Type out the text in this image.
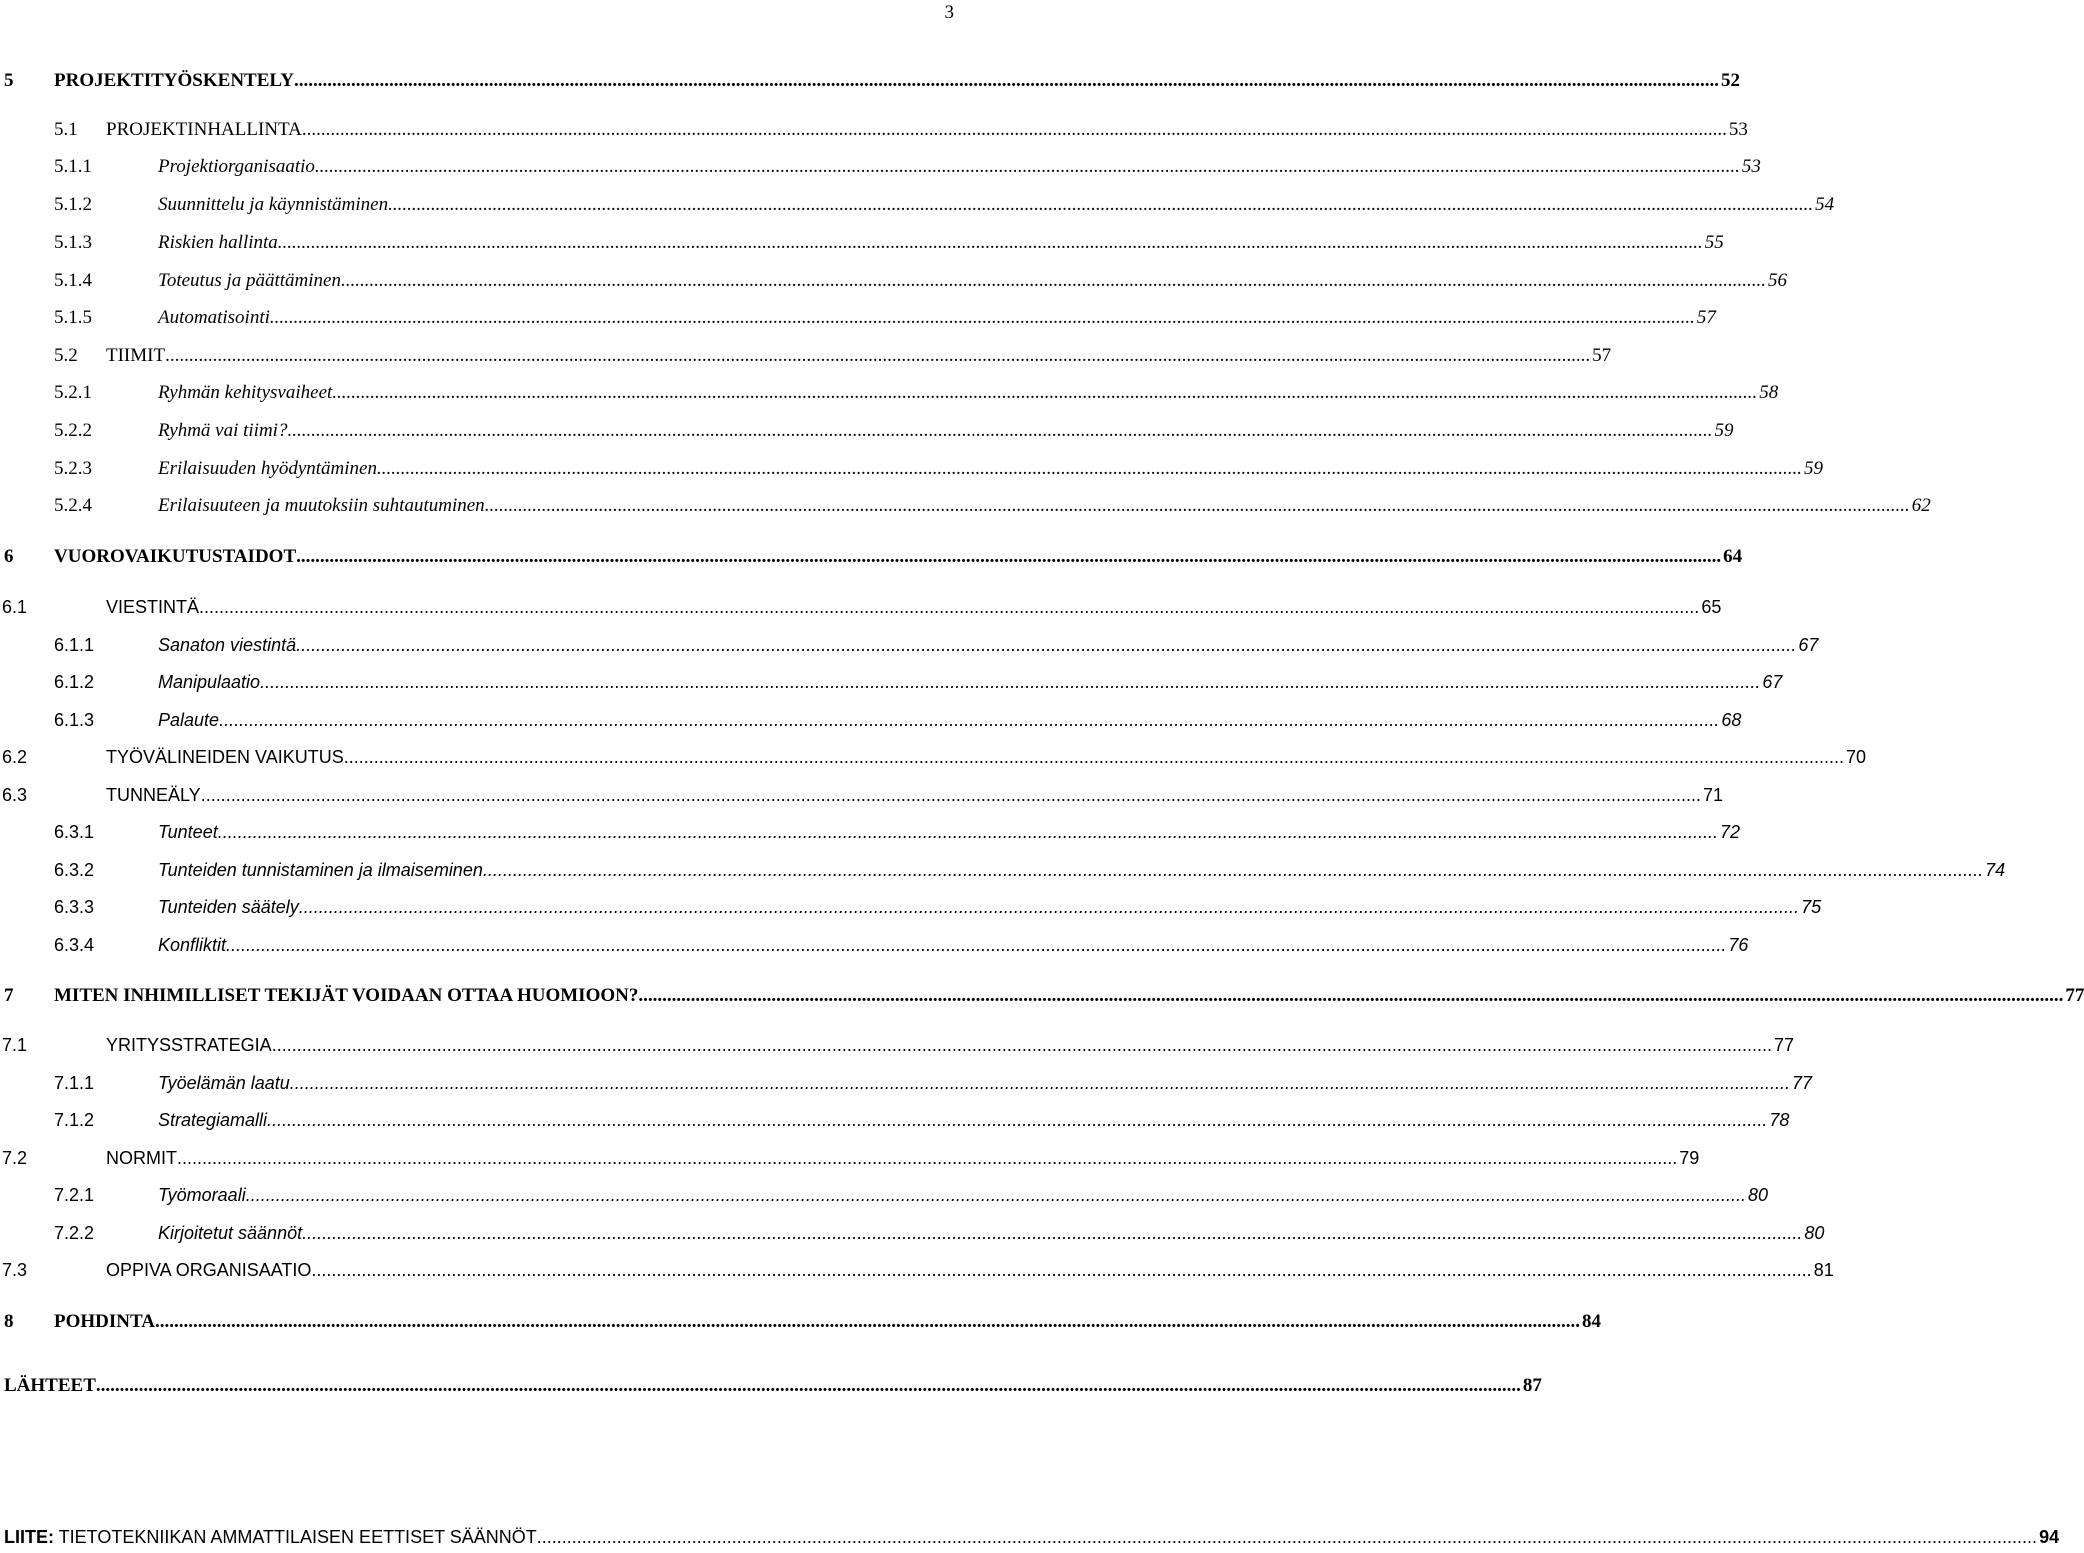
3
5 PROJEKTITYÖSKENTELY ............................................................................................................................................................................................................................................................................................................ 52
5.1 PROJEKTINHALLINTA ............................................................................................................................................................................................................................................................................................................ 53
5.1.1	Projektiorganisaatio ............................................................................................................................................................................................................................................................................................................ 53
5.1.2	Suunnittelu ja käynnistäminen ............................................................................................................................................................................................................................................................................................................ 54
5.1.3	Riskien hallinta ............................................................................................................................................................................................................................................................................................................ 55
5.1.4	Toteutus ja päättäminen ............................................................................................................................................................................................................................................................................................................ 56
5.1.5	Automatisointi ............................................................................................................................................................................................................................................................................................................ 57
5.2 TIIMIT ............................................................................................................................................................................................................................................................................................................ 57
5.2.1	Ryhmän kehitysvaiheet ............................................................................................................................................................................................................................................................................................................ 58
5.2.2	Ryhmä vai tiimi? ............................................................................................................................................................................................................................................................................................................ 59
5.2.3	Erilaisuuden hyödyntäminen ............................................................................................................................................................................................................................................................................................................ 59
5.2.4	Erilaisuuteen ja muutoksiin suhtautuminen ............................................................................................................................................................................................................................................................................................................ 62
6 VUOROVAIKUTUSTAIDOT ............................................................................................................................................................................................................................................................................................................ 64
6.1	VIESTINTÄ ............................................................................................................................................................................................................................................................................................................ 65
6.1.1	Sanaton viestintä ............................................................................................................................................................................................................................................................................................................ 67
6.1.2	Manipulaatio ............................................................................................................................................................................................................................................................................................................ 67
6.1.3	Palaute ............................................................................................................................................................................................................................................................................................................ 68
6.2	TYÖVÄLINEIDEN VAIKUTUS ............................................................................................................................................................................................................................................................................................................ 70
6.3	TUNNEÄLY ............................................................................................................................................................................................................................................................................................................ 71
6.3.1	Tunteet ............................................................................................................................................................................................................................................................................................................ 72
6.3.2	Tunteiden tunnistaminen ja ilmaiseminen ............................................................................................................................................................................................................................................................................................................ 74
6.3.3	Tunteiden säätely ............................................................................................................................................................................................................................................................................................................ 75
6.3.4	Konfliktit ............................................................................................................................................................................................................................................................................................................ 76
7 MITEN INHIMILLISET TEKIJÄT VOIDAAN OTTAA HUOMIOON? ............................................................................................................................................................................................................................................................................................................ 77
7.1	YRITYSSTRATEGIA ............................................................................................................................................................................................................................................................................................................ 77
7.1.1	Työelämän laatu ............................................................................................................................................................................................................................................................................................................ 77
7.1.2	Strategiamalli ............................................................................................................................................................................................................................................................................................................ 78
7.2	NORMIT ............................................................................................................................................................................................................................................................................................................ 79
7.2.1	Työmoraali ............................................................................................................................................................................................................................................................................................................ 80
7.2.2	Kirjoitetut säännöt ............................................................................................................................................................................................................................................................................................................ 80
7.3	OPPIVA ORGANISAATIO ............................................................................................................................................................................................................................................................................................................ 81
8 POHDINTA ............................................................................................................................................................................................................................................................................................................ 84
LÄHTEET ............................................................................................................................................................................................................................................................................................................ 87
LIITE: TIETOTEKNIIKAN AMMATTILAISEN EETTISET SÄÄNNÖT ............................................................................................................................................................................................................................................................................................................ 94
